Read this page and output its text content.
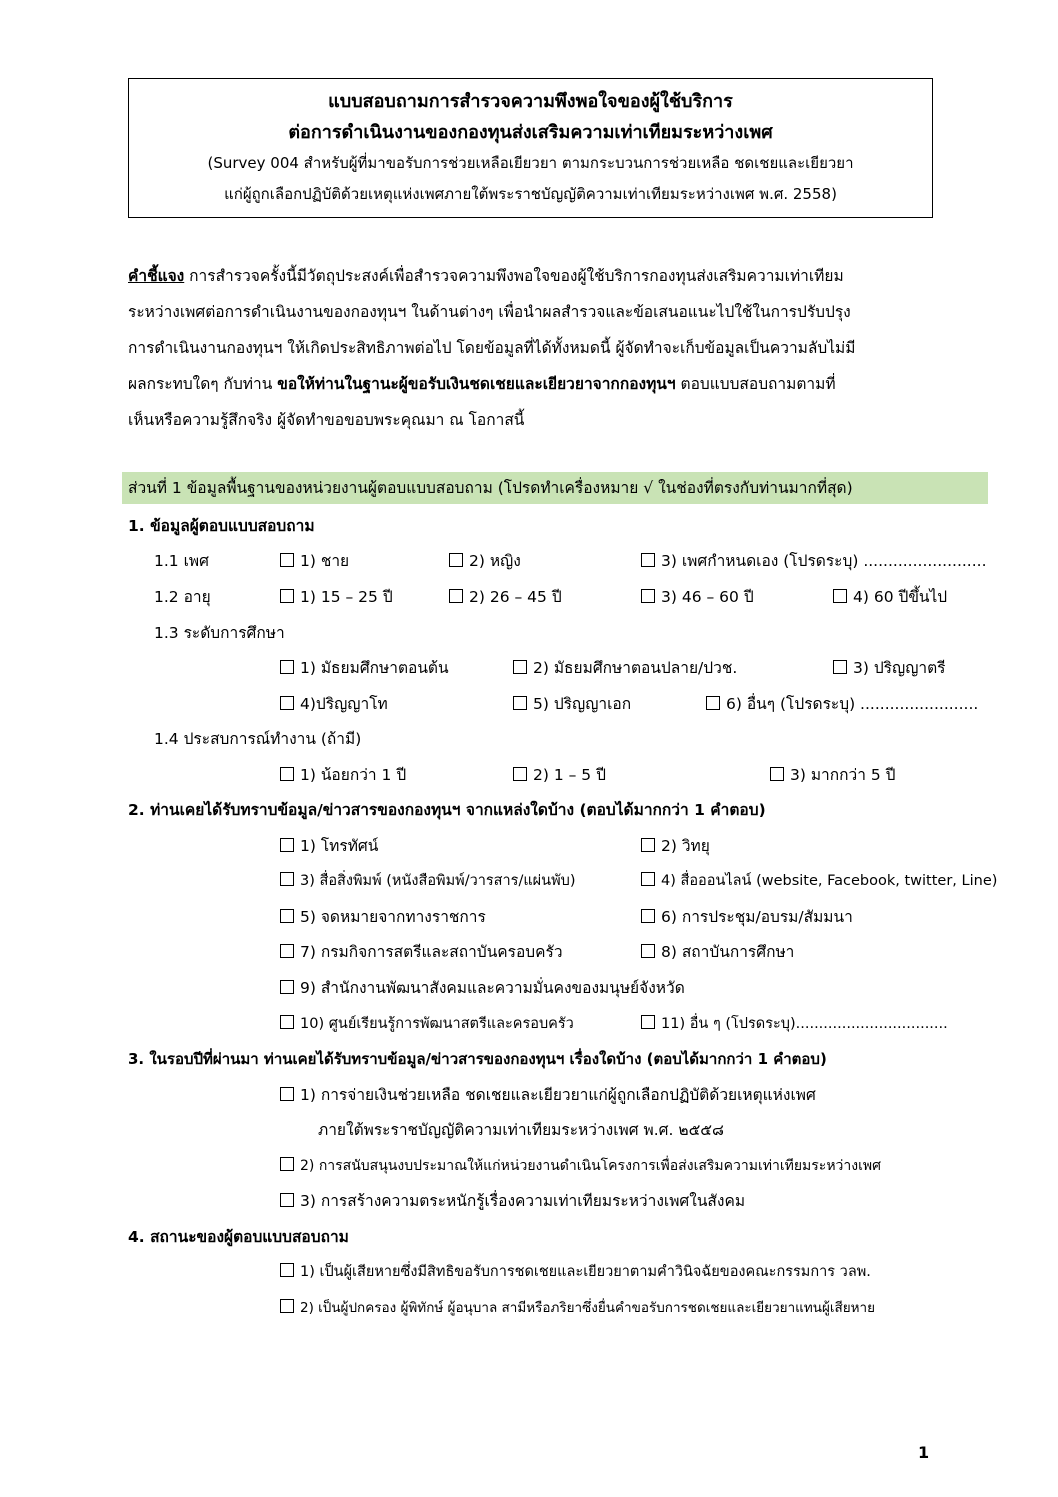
แบบสอบถามการสำรวจความพึงพอใจของผู้ใช้บริการ
ต่อการดำเนินงานของกองทุนส่งเสริมความเท่าเทียมระหว่างเพศ
(Survey 004 สำหรับผู้ที่มาขอรับการช่วยเหลือเยียวยา ตามกระบวนการช่วยเหลือ ชดเชยและเยียวยา
แก่ผู้ถูกเลือกปฏิบัติด้วยเหตุแห่งเพศภายใต้พระราชบัญญัติความเท่าเทียมระหว่างเพศ พ.ศ. 2558)
คำชี้แจง การสำรวจครั้งนี้มีวัตถุประสงค์เพื่อสำรวจความพึงพอใจของผู้ใช้บริการกองทุนส่งเสริมความเท่าเทียม
ระหว่างเพศต่อการดำเนินงานของกองทุนฯ ในด้านต่างๆ เพื่อนำผลสำรวจและข้อเสนอแนะไปใช้ในการปรับปรุง
การดำเนินงานกองทุนฯ ให้เกิดประสิทธิภาพต่อไป โดยข้อมูลที่ได้ทั้งหมดนี้ ผู้จัดทำจะเก็บข้อมูลเป็นความลับไม่มี
ผลกระทบใดๆ กับท่าน ขอให้ท่านในฐานะผู้ขอรับเงินชดเชยและเยียวยาจากกองทุนฯ ตอบแบบสอบถามตามที่
เห็นหรือความรู้สึกจริง ผู้จัดทำขอขอบพระคุณมา ณ โอกาสนี้
ส่วนที่ 1 ข้อมูลพื้นฐานของหน่วยงานผู้ตอบแบบสอบถาม (โปรดทำเครื่องหมาย √ ในช่องที่ตรงกับท่านมากที่สุด)
1. ข้อมูลผู้ตอบแบบสอบถาม
1.1 เพศ	1) ชาย	2) หญิง	3) เพศกำหนดเอง (โปรดระบุ) .........................
1.2 อายุ	1) 15 – 25 ปี	2) 26 – 45 ปี	3) 46 – 60 ปี	4) 60 ปีขึ้นไป
1.3 ระดับการศึกษา
1) มัธยมศึกษาตอนต้น	2) มัธยมศึกษาตอนปลาย/ปวช.	3) ปริญญาตรี
4)ปริญญาโท	5) ปริญญาเอก	6) อื่นๆ (โปรดระบุ) ........................
1.4 ประสบการณ์ทำงาน (ถ้ามี)
1) น้อยกว่า 1 ปี	2) 1 – 5 ปี	3) มากกว่า 5 ปี
2. ท่านเคยได้รับทราบข้อมูล/ข่าวสารของกองทุนฯ จากแหล่งใดบ้าง (ตอบได้มากกว่า 1 คำตอบ)
1) โทรทัศน์	2) วิทยุ
3) สื่อสิ่งพิมพ์ (หนังสือพิมพ์/วารสาร/แผ่นพับ)	4) สื่อออนไลน์ (website, Facebook, twitter, Line)
5) จดหมายจากทางราชการ	6) การประชุม/อบรม/สัมมนา
7) กรมกิจการสตรีและสถาบันครอบครัว	8) สถาบันการศึกษา
9) สำนักงานพัฒนาสังคมและความมั่นคงของมนุษย์จังหวัด
10) ศูนย์เรียนรู้การพัฒนาสตรีและครอบครัว	11) อื่น ๆ (โปรดระบุ).................................
3. ในรอบปีที่ผ่านมา ท่านเคยได้รับทราบข้อมูล/ข่าวสารของกองทุนฯ เรื่องใดบ้าง (ตอบได้มากกว่า 1 คำตอบ)
1) การจ่ายเงินช่วยเหลือ ชดเชยและเยียวยาแก่ผู้ถูกเลือกปฏิบัติด้วยเหตุแห่งเพศ
ภายใต้พระราชบัญญัติความเท่าเทียมระหว่างเพศ พ.ศ. ๒๕๕๘
2) การสนับสนุนงบประมาณให้แก่หน่วยงานดำเนินโครงการเพื่อส่งเสริมความเท่าเทียมระหว่างเพศ
3) การสร้างความตระหนักรู้เรื่องความเท่าเทียมระหว่างเพศในสังคม
4. สถานะของผู้ตอบแบบสอบถาม
1) เป็นผู้เสียหายซึ่งมีสิทธิขอรับการชดเชยและเยียวยาตามคำวินิจฉัยของคณะกรรมการ วลพ.
2) เป็นผู้ปกครอง ผู้พิทักษ์ ผู้อนุบาล สามีหรือภริยาซึ่งยื่นคำขอรับการชดเชยและเยียวยาแทนผู้เสียหาย
1
